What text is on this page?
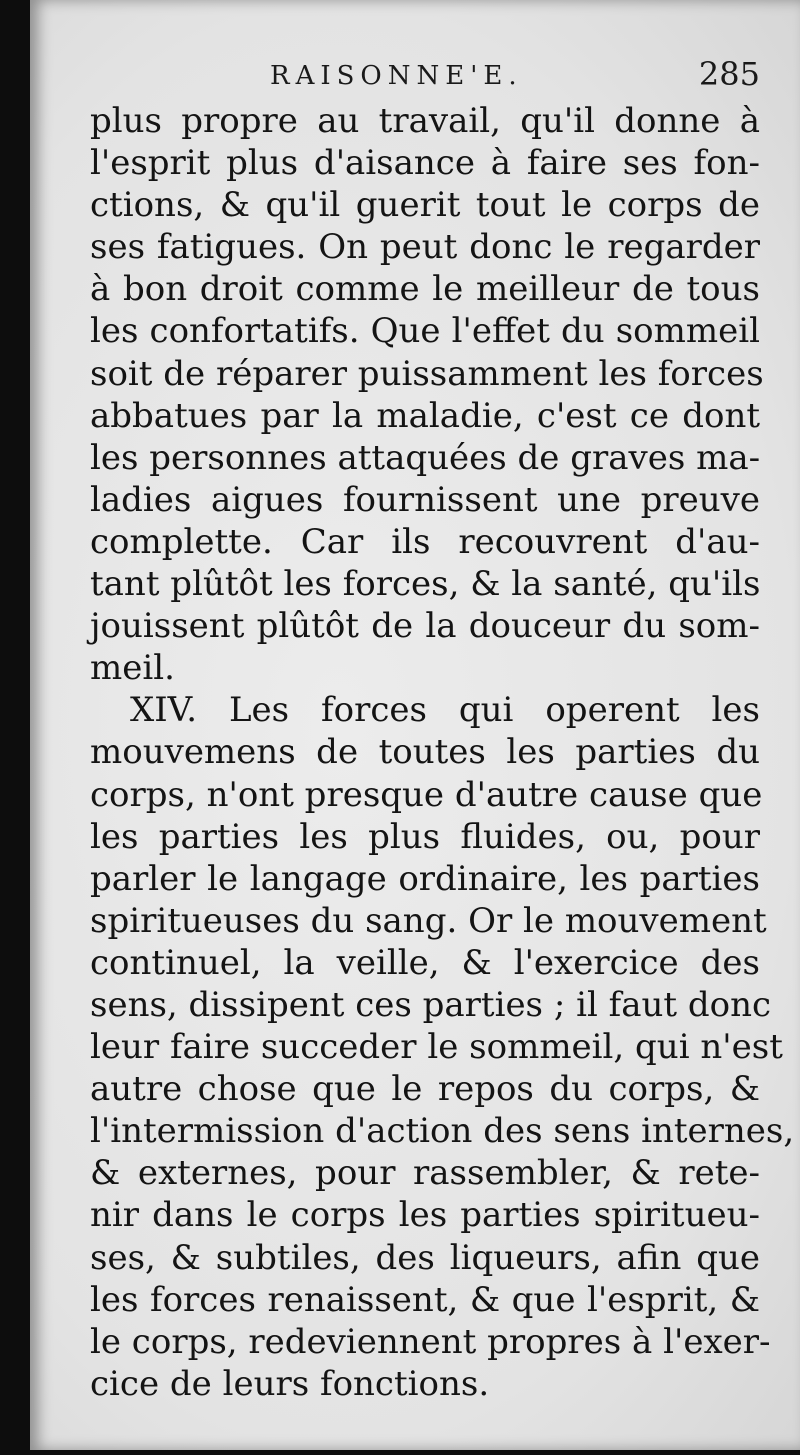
RAISONNE'E.	285
plus propre au travail, qu'il donne à
l'esprit plus d'aisance à faire ses fon-
ctions, & qu'il guerit tout le corps de
ses fatigues. On peut donc le regarder
à bon droit comme le meilleur de tous
les confortatifs. Que l'effet du sommeil
soit de réparer puissamment les forces
abbatues par la maladie, c'est ce dont
les personnes attaquées de graves ma-
ladies aigues fournissent une preuve
complette. Car ils recouvrent d'au-
tant plûtôt les forces, & la santé, qu'ils
jouissent plûtôt de la douceur du som-
meil.
XIV. Les forces qui operent les
mouvemens de toutes les parties du
corps, n'ont presque d'autre cause que
les parties les plus fluides, ou, pour
parler le langage ordinaire, les parties
spiritueuses du sang. Or le mouvement
continuel, la veille, & l'exercice des
sens, dissipent ces parties ; il faut donc
leur faire succeder le sommeil, qui n'est
autre chose que le repos du corps, &
l'intermission d'action des sens internes,
& externes, pour rassembler, & rete-
nir dans le corps les parties spiritueu-
ses, & subtiles, des liqueurs, afin que
les forces renaissent, & que l'esprit, &
le corps, redeviennent propres à l'exer-
cice de leurs fonctions.
